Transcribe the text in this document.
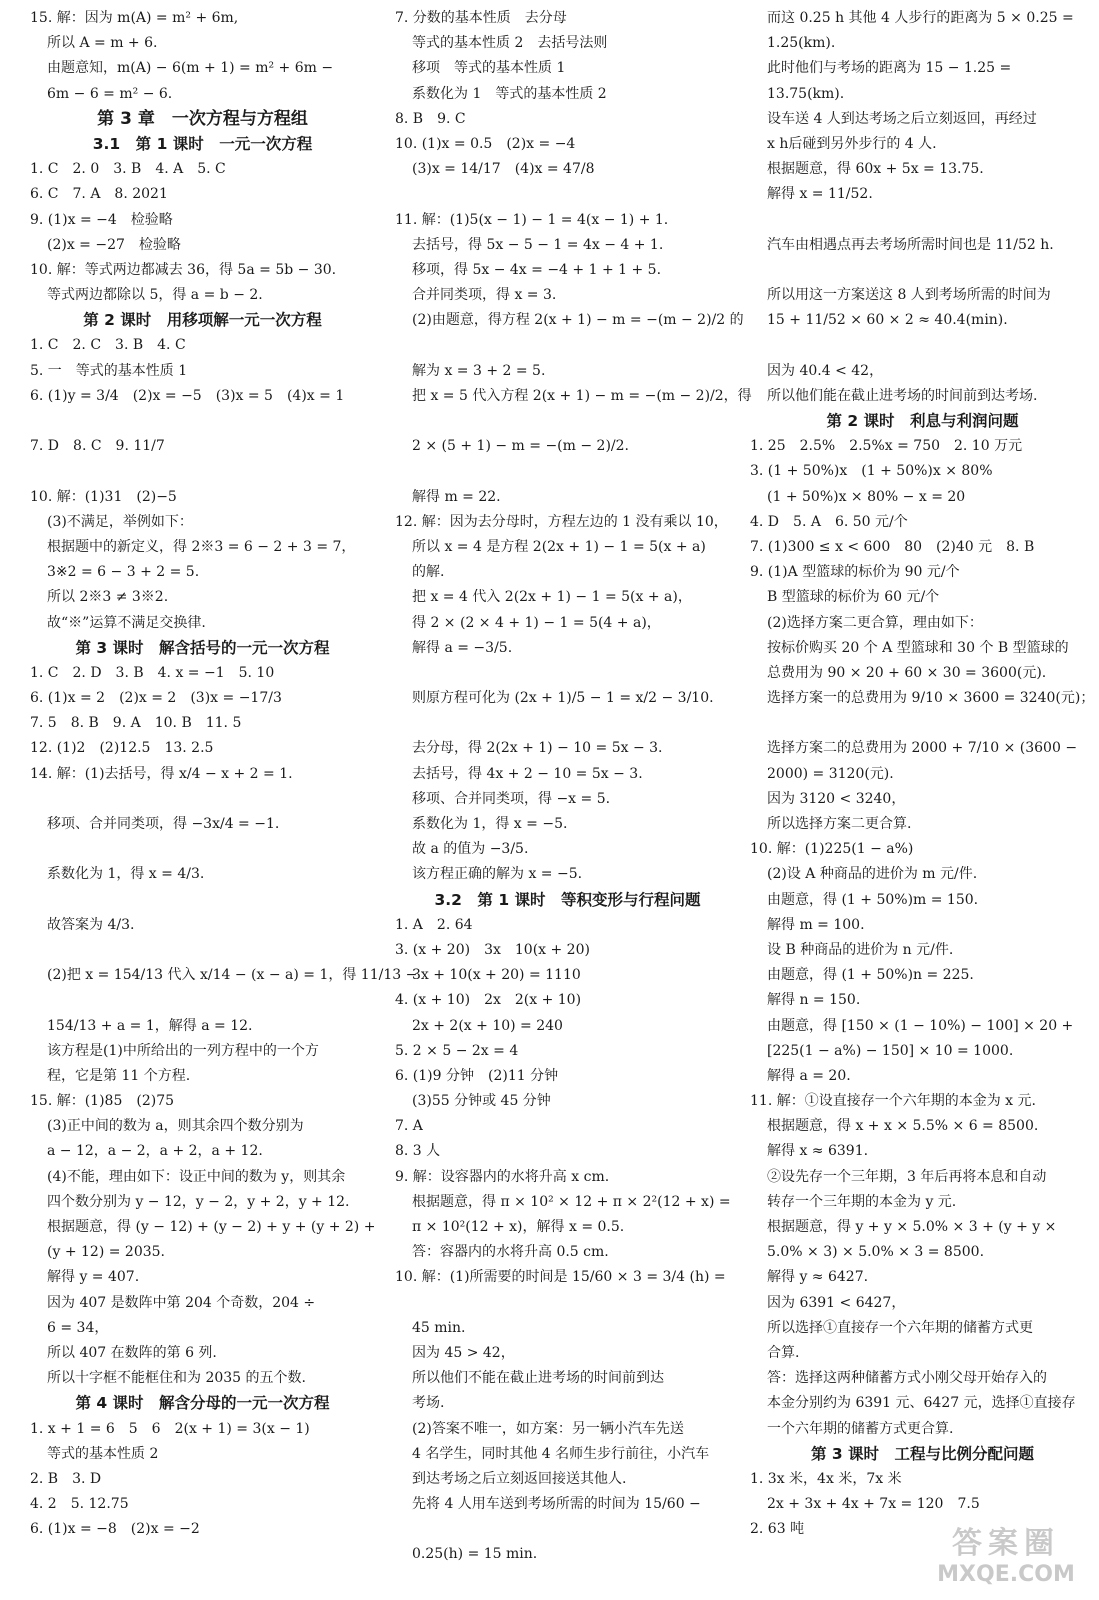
15. 解：因为 m(A) = m² + 6m,
所以 A = m + 6.
由题意知，m(A) − 6(m + 1) = m² + 6m −
6m − 6 = m² − 6.
第 3 章　一次方程与方程组
3.1　第 1 课时　一元一次方程
1. C　2. 0　3. B　4. A　5. C
6. C　7. A　8. 2021
9. (1)x = −4　检验略
(2)x = −27　检验略
10. 解：等式两边都减去 36，得 5a = 5b − 30.
等式两边都除以 5，得 a = b − 2.
第 2 课时　用移项解一元一次方程
1. C　2. C　3. B　4. C
5. 一　等式的基本性质 1
6. (1)y = 3/4　(2)x = −5　(3)x = 5　(4)x = 1
7. D　8. C　9. 11/7
10. 解：(1)31　(2)−5
(3)不满足，举例如下：
根据题中的新定义，得 2※3 = 6 − 2 + 3 = 7，
3※2 = 6 − 3 + 2 = 5.
所以 2※3 ≠ 3※2.
故“※”运算不满足交换律.
第 3 课时　解含括号的一元一次方程
1. C　2. D　3. B　4. x = −1　5. 10
6. (1)x = 2　(2)x = 2　(3)x = −17/3
7. 5　8. B　9. A　10. B　11. 5
12. (1)2　(2)12.5　13. 2.5
14. 解：(1)去括号，得 x/4 − x + 2 = 1.
移项、合并同类项，得 −3x/4 = −1.
系数化为 1，得 x = 4/3.
故答案为 4/3.
(2)把 x = 154/13 代入 x/14 − (x − a) = 1，得 11/13 −
154/13 + a = 1，解得 a = 12.
该方程是(1)中所给出的一列方程中的一个方
程，它是第 11 个方程.
15. 解：(1)85　(2)75
(3)正中间的数为 a，则其余四个数分别为
a − 12，a − 2，a + 2，a + 12.
(4)不能，理由如下：设正中间的数为 y，则其余
四个数分别为 y − 12，y − 2，y + 2，y + 12.
根据题意，得 (y − 12) + (y − 2) + y + (y + 2) +
(y + 12) = 2035.
解得 y = 407.
因为 407 是数阵中第 204 个奇数，204 ÷
6 = 34，
所以 407 在数阵的第 6 列.
所以十字框不能框住和为 2035 的五个数.
第 4 课时　解含分母的一元一次方程
1. x + 1 = 6　5　6　2(x + 1) = 3(x − 1)
等式的基本性质 2
2. B　3. D
4. 2　5. 12.75
6. (1)x = −8　(2)x = −2
7. 分数的基本性质　去分母
等式的基本性质 2　去括号法则
移项　等式的基本性质 1
系数化为 1　等式的基本性质 2
8. B　9. C
10. (1)x = 0.5　(2)x = −4
(3)x = 14/17　(4)x = 47/8
11. 解：(1)5(x − 1) − 1 = 4(x − 1) + 1.
去括号，得 5x − 5 − 1 = 4x − 4 + 1.
移项，得 5x − 4x = −4 + 1 + 1 + 5.
合并同类项，得 x = 3.
(2)由题意，得方程 2(x + 1) − m = −(m − 2)/2 的
解为 x = 3 + 2 = 5.
把 x = 5 代入方程 2(x + 1) − m = −(m − 2)/2，得
2 × (5 + 1) − m = −(m − 2)/2.
解得 m = 22.
12. 解：因为去分母时，方程左边的 1 没有乘以 10，
所以 x = 4 是方程 2(2x + 1) − 1 = 5(x + a)
的解.
把 x = 4 代入 2(2x + 1) − 1 = 5(x + a)，
得 2 × (2 × 4 + 1) − 1 = 5(4 + a)，
解得 a = −3/5.
则原方程可化为 (2x + 1)/5 − 1 = x/2 − 3/10.
去分母，得 2(2x + 1) − 10 = 5x − 3.
去括号，得 4x + 2 − 10 = 5x − 3.
移项、合并同类项，得 −x = 5.
系数化为 1，得 x = −5.
故 a 的值为 −3/5.
该方程正确的解为 x = −5.
3.2　第 1 课时　等积变形与行程问题
1. A　2. 64
3. (x + 20)　3x　10(x + 20)
3x + 10(x + 20) = 1110
4. (x + 10)　2x　2(x + 10)
2x + 2(x + 10) = 240
5. 2 × 5 − 2x = 4
6. (1)9 分钟　(2)11 分钟
(3)55 分钟或 45 分钟
7. A
8. 3 人
9. 解：设容器内的水将升高 x cm.
根据题意，得 π × 10² × 12 + π × 2²(12 + x) =
π × 10²(12 + x)，解得 x = 0.5.
答：容器内的水将升高 0.5 cm.
10. 解：(1)所需要的时间是 15/60 × 3 = 3/4 (h) =
45 min.
因为 45 > 42，
所以他们不能在截止进考场的时间前到达
考场.
(2)答案不唯一，如方案：另一辆小汽车先送
4 名学生，同时其他 4 名师生步行前往，小汽车
到达考场之后立刻返回接送其他人.
先将 4 人用车送到考场所需的时间为 15/60 −
0.25(h) = 15 min.
而这 0.25 h 其他 4 人步行的距离为 5 × 0.25 =
1.25(km).
此时他们与考场的距离为 15 − 1.25 =
13.75(km).
设车送 4 人到达考场之后立刻返回，再经过
x h后碰到另外步行的 4 人.
根据题意，得 60x + 5x = 13.75.
解得 x = 11/52.
汽车由相遇点再去考场所需时间也是 11/52 h.
所以用这一方案送这 8 人到考场所需的时间为
15 + 11/52 × 60 × 2 ≈ 40.4(min).
因为 40.4 < 42，
所以他们能在截止进考场的时间前到达考场.
第 2 课时　利息与利润问题
1. 25　2.5%　2.5%x = 750　2. 10 万元
3. (1 + 50%)x　(1 + 50%)x × 80%
(1 + 50%)x × 80% − x = 20
4. D　5. A　6. 50 元/个
7. (1)300 ≤ x < 600　80　(2)40 元　8. B
9. (1)A 型篮球的标价为 90 元/个
B 型篮球的标价为 60 元/个
(2)选择方案二更合算，理由如下：
按标价购买 20 个 A 型篮球和 30 个 B 型篮球的
总费用为 90 × 20 + 60 × 30 = 3600(元).
选择方案一的总费用为 9/10 × 3600 = 3240(元)；
选择方案二的总费用为 2000 + 7/10 × (3600 −
2000) = 3120(元).
因为 3120 < 3240，
所以选择方案二更合算.
10. 解：(1)225(1 − a%)
(2)设 A 种商品的进价为 m 元/件.
由题意，得 (1 + 50%)m = 150.
解得 m = 100.
设 B 种商品的进价为 n 元/件.
由题意，得 (1 + 50%)n = 225.
解得 n = 150.
由题意，得 [150 × (1 − 10%) − 100] × 20 +
[225(1 − a%) − 150] × 10 = 1000.
解得 a = 20.
11. 解：①设直接存一个六年期的本金为 x 元.
根据题意，得 x + x × 5.5% × 6 = 8500.
解得 x ≈ 6391.
②设先存一个三年期，3 年后再将本息和自动
转存一个三年期的本金为 y 元.
根据题意，得 y + y × 5.0% × 3 + (y + y ×
5.0% × 3) × 5.0% × 3 = 8500.
解得 y ≈ 6427.
因为 6391 < 6427，
所以选择①直接存一个六年期的储蓄方式更
合算.
答：选择这两种储蓄方式小刚父母开始存入的
本金分别约为 6391 元、6427 元，选择①直接存
一个六年期的储蓄方式更合算.
第 3 课时　工程与比例分配问题
1. 3x 米，4x 米，7x 米
2x + 3x + 4x + 7x = 120　7.5
2. 63 吨	答案圈
MXQE.COM
